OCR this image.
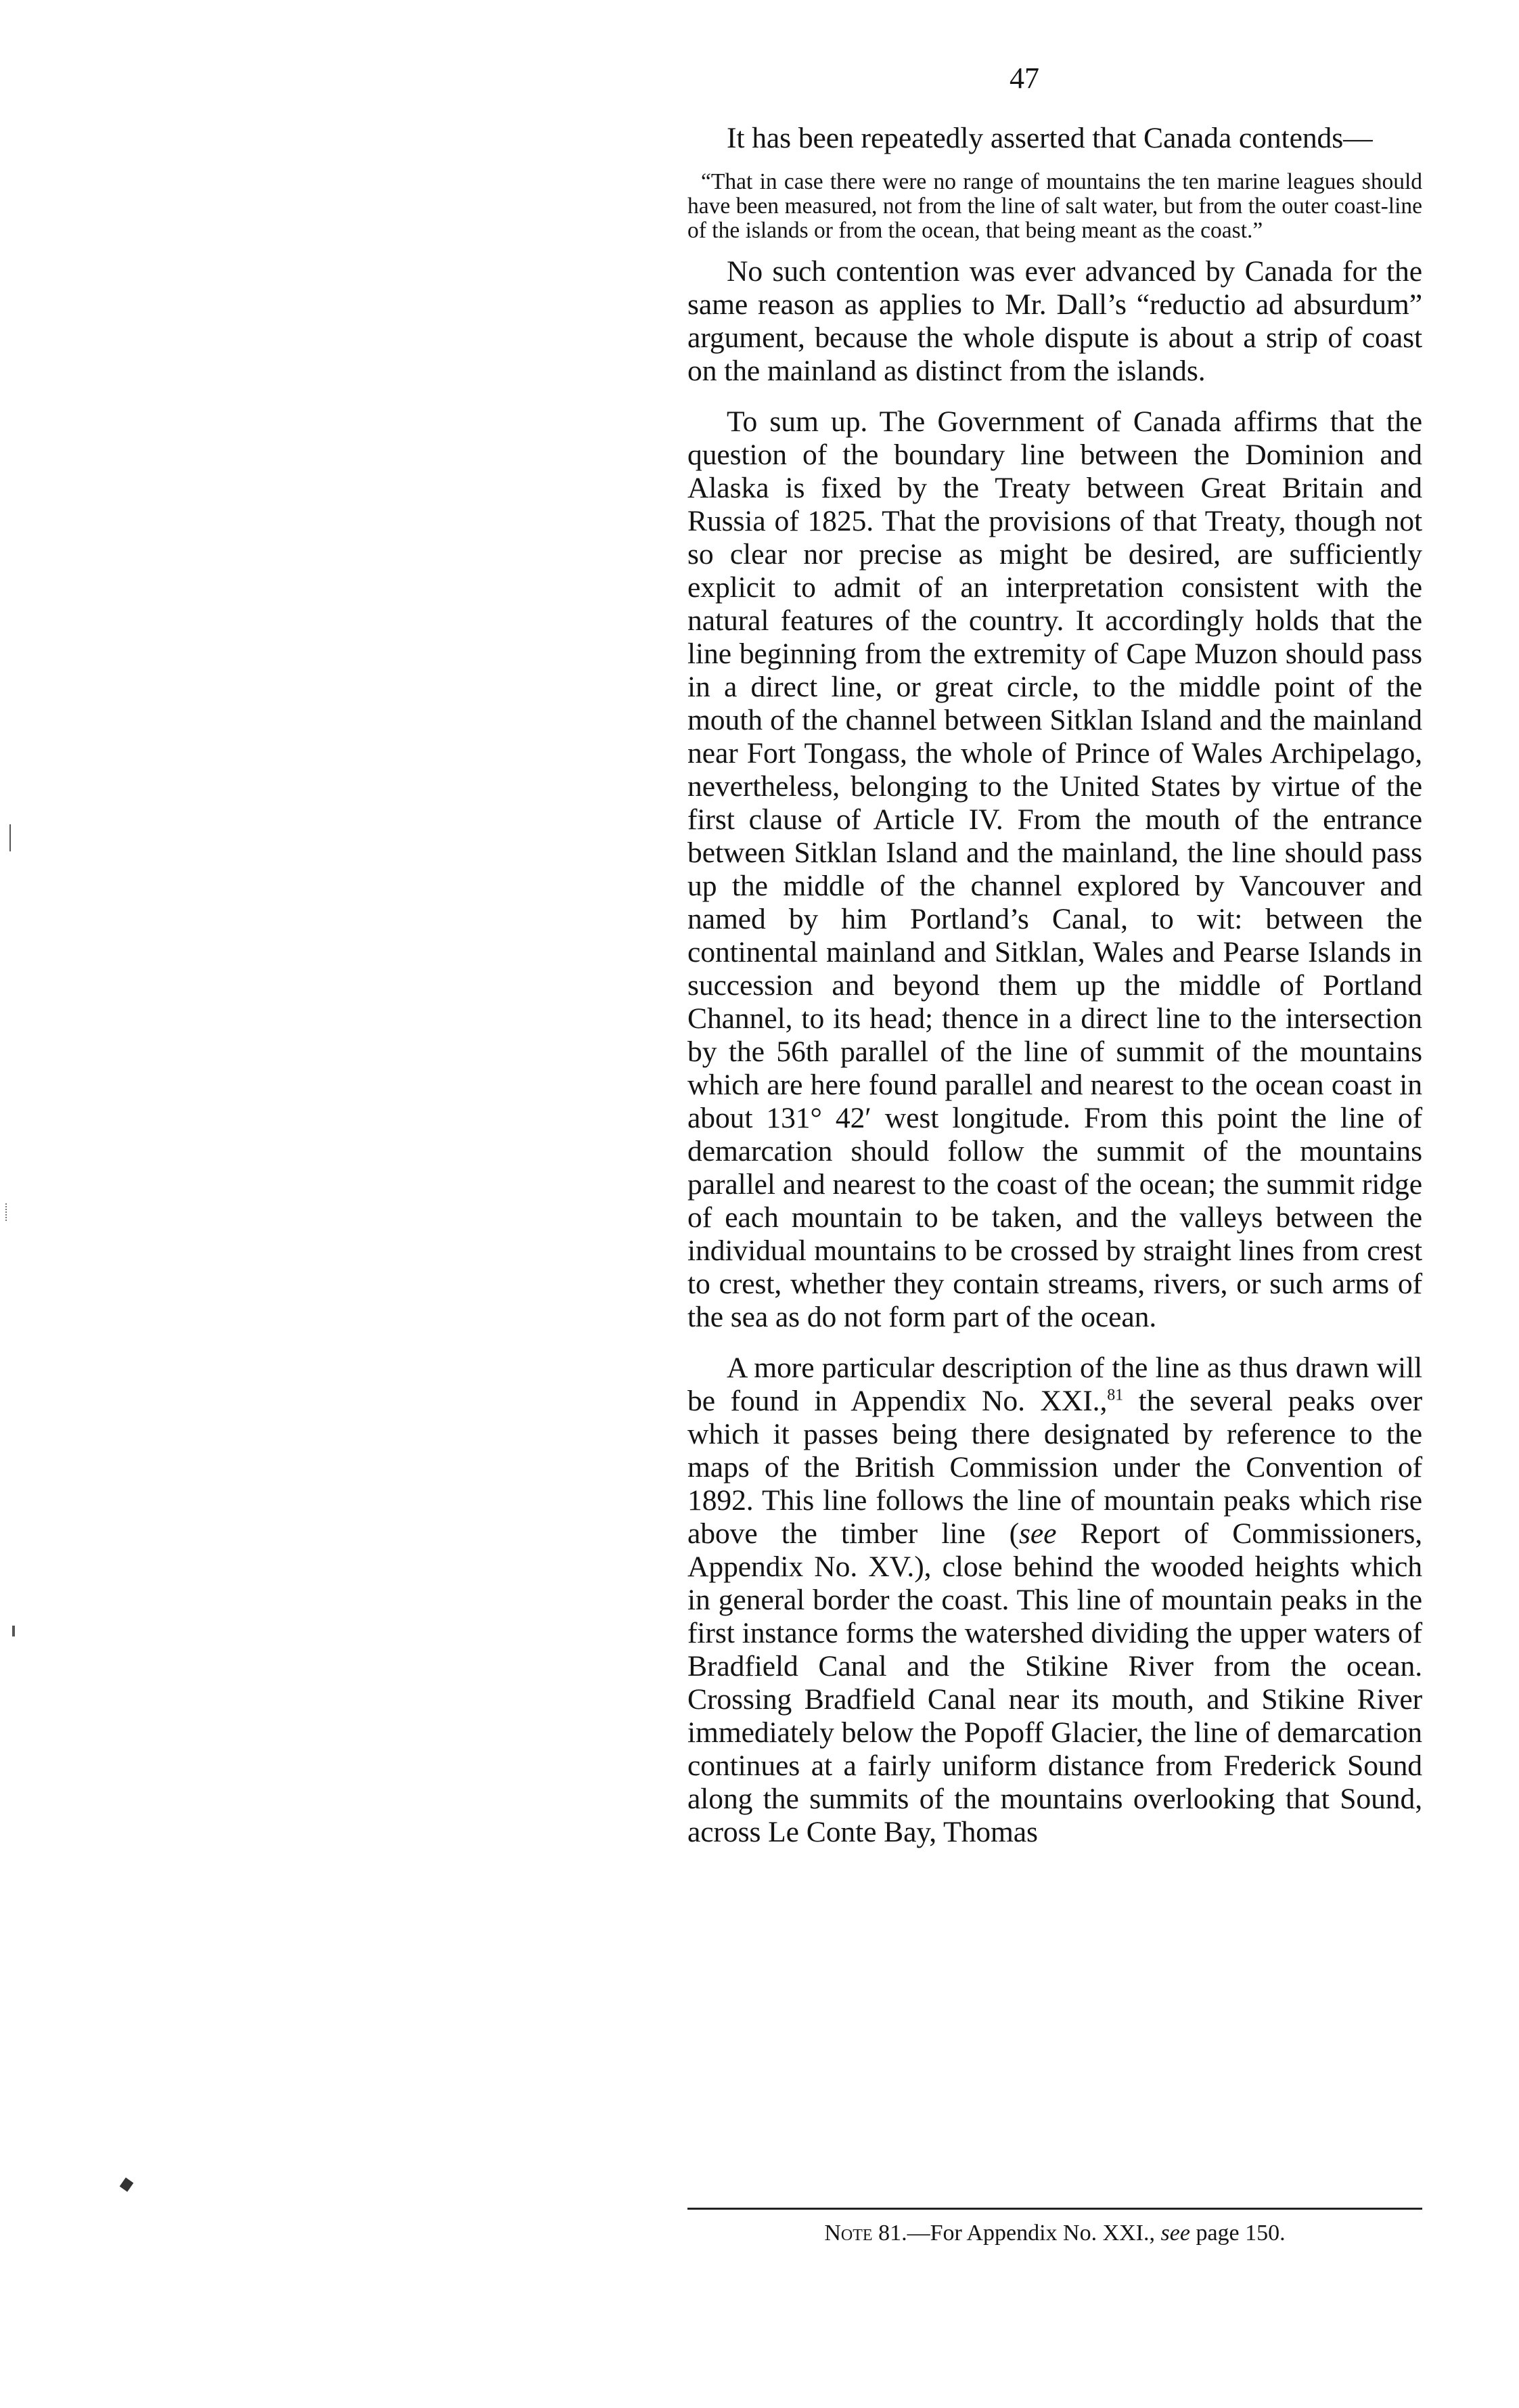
47

It has been repeatedly asserted that Canada contends—

“That in case there were no range of mountains the ten marine leagues should have been measured, not from the line of salt water, but from the outer coast-line of the islands or from the ocean, that being meant as the coast.”

No such contention was ever advanced by Canada for the same reason as applies to Mr. Dall’s “reductio ad absurdum” argument, because the whole dispute is about a strip of coast on the mainland as distinct from the islands.

To sum up. The Government of Canada affirms that the question of the boundary line between the Dominion and Alaska is fixed by the Treaty between Great Britain and Russia of 1825. That the provisions of that Treaty, though not so clear nor precise as might be desired, are sufficiently explicit to admit of an interpretation consistent with the natural features of the country. It accordingly holds that the line beginning from the extremity of Cape Muzon should pass in a direct line, or great circle, to the middle point of the mouth of the channel between Sitklan Island and the mainland near Fort Tongass, the whole of Prince of Wales Archipelago, nevertheless, belonging to the United States by virtue of the first clause of Article IV. From the mouth of the entrance between Sitklan Island and the mainland, the line should pass up the middle of the channel explored by Vancouver and named by him Portland’s Canal, to wit: between the continental mainland and Sitklan, Wales and Pearse Islands in succession and beyond them up the middle of Portland Channel, to its head; thence in a direct line to the intersection by the 56th parallel of the line of summit of the mountains which are here found parallel and nearest to the ocean coast in about 131° 42′ west longitude. From this point the line of demarcation should follow the summit of the mountains parallel and nearest to the coast of the ocean; the summit ridge of each mountain to be taken, and the valleys between the individual mountains to be crossed by straight lines from crest to crest, whether they contain streams, rivers, or such arms of the sea as do not form part of the ocean.

A more particular description of the line as thus drawn will be found in Appendix No. XXI.,$^{81}$ the several peaks over which it passes being there designated by reference to the maps of the British Commission under the Convention of 1892. This line follows the line of mountain peaks which rise above the timber line (see Report of Commissioners, Appendix No. XV.), close behind the wooded heights which in general border the coast. This line of mountain peaks in the first instance forms the watershed dividing the upper waters of Bradfield Canal and the Stikine River from the ocean. Crossing Bradfield Canal near its mouth, and Stikine River immediately below the Popoff Glacier, the line of demarcation continues at a fairly uniform distance from Frederick Sound along the summits of the mountains overlooking that Sound, across Le Conte Bay, Thomas

Note 81.—For Appendix No. XXI., see page 150.
